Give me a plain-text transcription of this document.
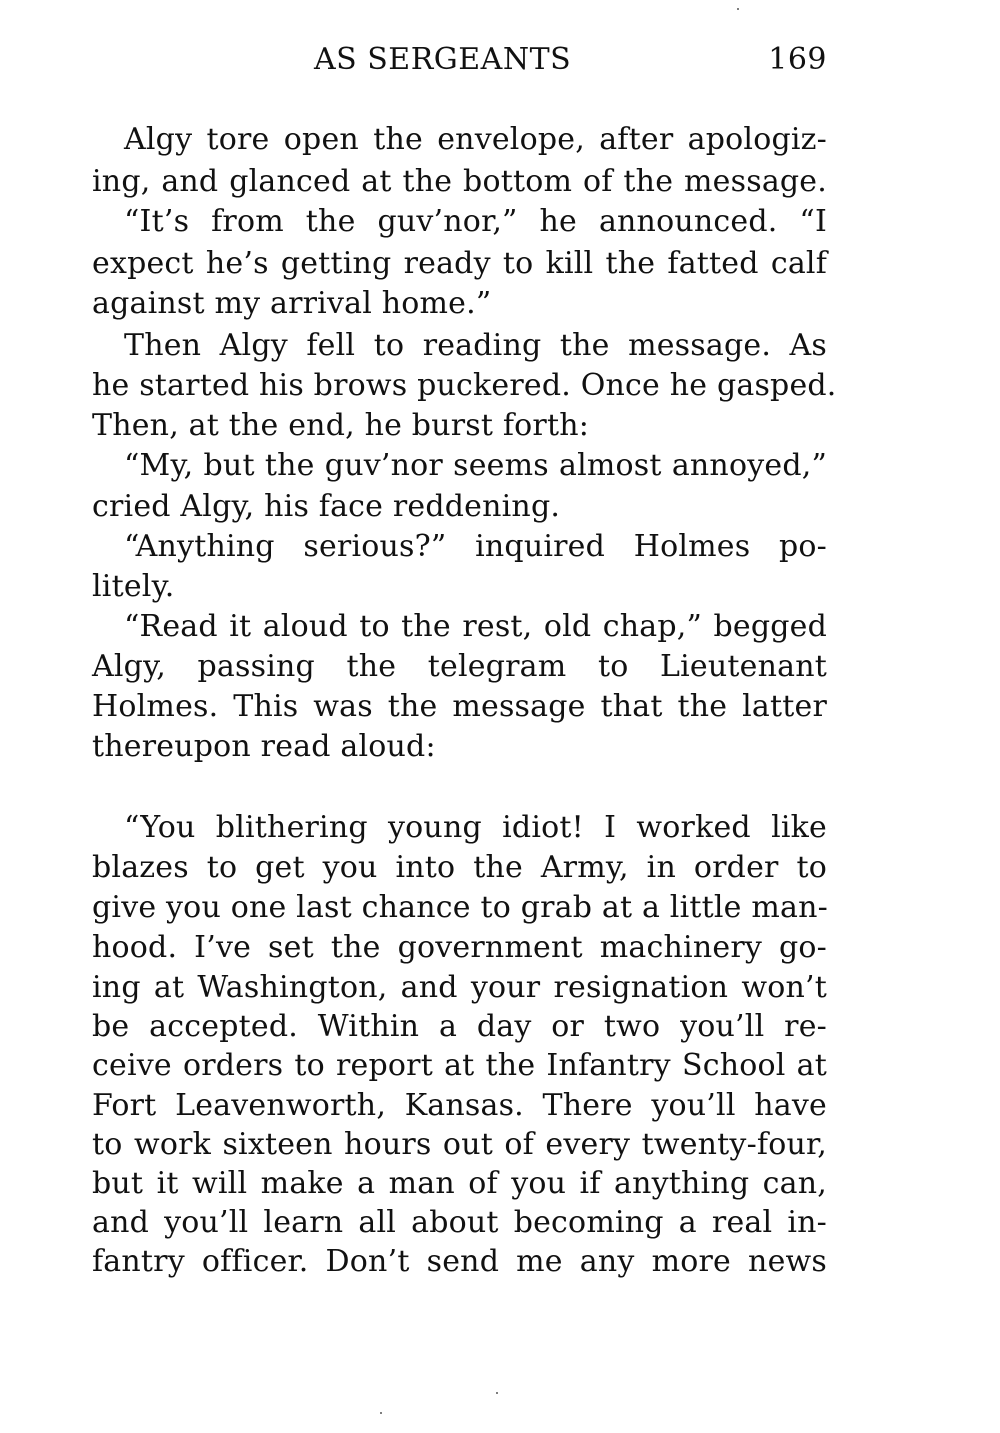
AS SERGEANTS	169
Algy tore open the envelope, after apologiz-
ing, and glanced at the bottom of the message.
“It’s from the guv’nor,” he announced. “I
expect he’s getting ready to kill the fatted calf
against my arrival home.”
Then Algy fell to reading the message. As
he started his brows puckered. Once he gasped.
Then, at the end, he burst forth:
“My, but the guv’nor seems almost annoyed,”
cried Algy, his face reddening.
“Anything serious?” inquired Holmes po-
litely.
“Read it aloud to the rest, old chap,” begged
Algy, passing the telegram to Lieutenant
Holmes. This was the message that the latter
thereupon read aloud:
“You blithering young idiot! I worked like
blazes to get you into the Army, in order to
give you one last chance to grab at a little man-
hood. I’ve set the government machinery go-
ing at Washington, and your resignation won’t
be accepted. Within a day or two you’ll re-
ceive orders to report at the Infantry School at
Fort Leavenworth, Kansas. There you’ll have
to work sixteen hours out of every twenty-four,
but it will make a man of you if anything can,
and you’ll learn all about becoming a real in-
fantry officer. Don’t send me any more news
